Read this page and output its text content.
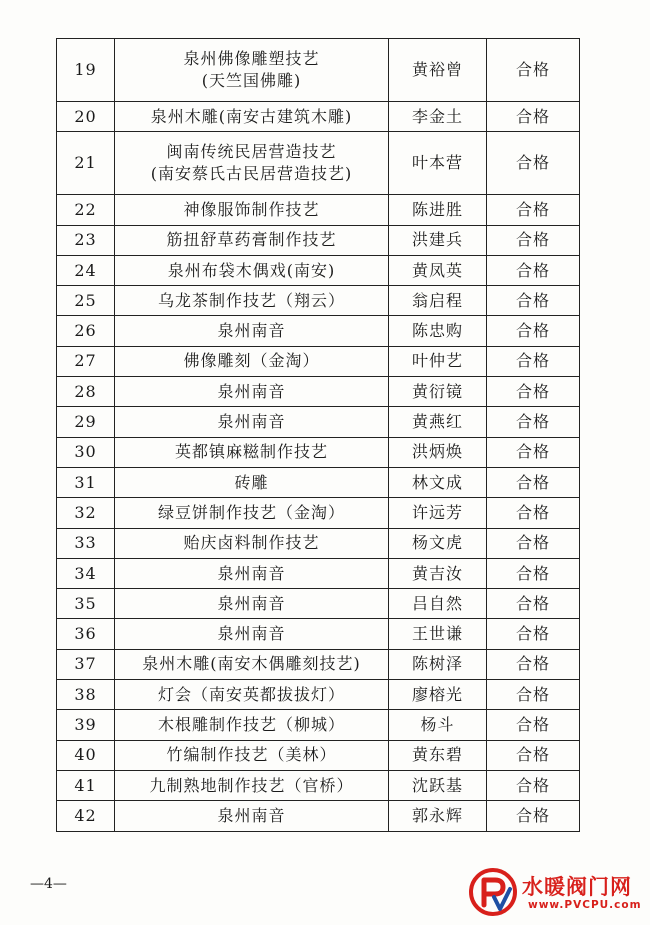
19	泉州佛像雕塑技艺
(天竺国佛雕)	黄裕曾	合格
20	泉州木雕(南安古建筑木雕)	李金土	合格
21	闽南传统民居营造技艺
(南安蔡氏古民居营造技艺)	叶本营	合格
22	神像服饰制作技艺	陈进胜	合格
23	筋扭舒草药膏制作技艺	洪建兵	合格
24	泉州布袋木偶戏(南安)	黄凤英	合格
25	乌龙茶制作技艺（翔云）	翁启程	合格
26	泉州南音	陈忠购	合格
27	佛像雕刻（金淘）	叶仲艺	合格
28	泉州南音	黄衍镜	合格
29	泉州南音	黄燕红	合格
30	英都镇麻糍制作技艺	洪炳焕	合格
31	砖雕	林文成	合格
32	绿豆饼制作技艺（金淘）	许远芳	合格
33	贻庆卤料制作技艺	杨文虎	合格
34	泉州南音	黄吉汝	合格
35	泉州南音	吕自然	合格
36	泉州南音	王世谦	合格
37	泉州木雕(南安木偶雕刻技艺)	陈树泽	合格
38	灯会（南安英都拔拔灯）	廖榕光	合格
39	木根雕制作技艺（柳城）	杨斗	合格
40	竹编制作技艺（美林）	黄东碧	合格
41	九制熟地制作技艺（官桥）	沈跃基	合格
42	泉州南音	郭永辉	合格
—4—	水暖阀门网
www.PVCPU.com
